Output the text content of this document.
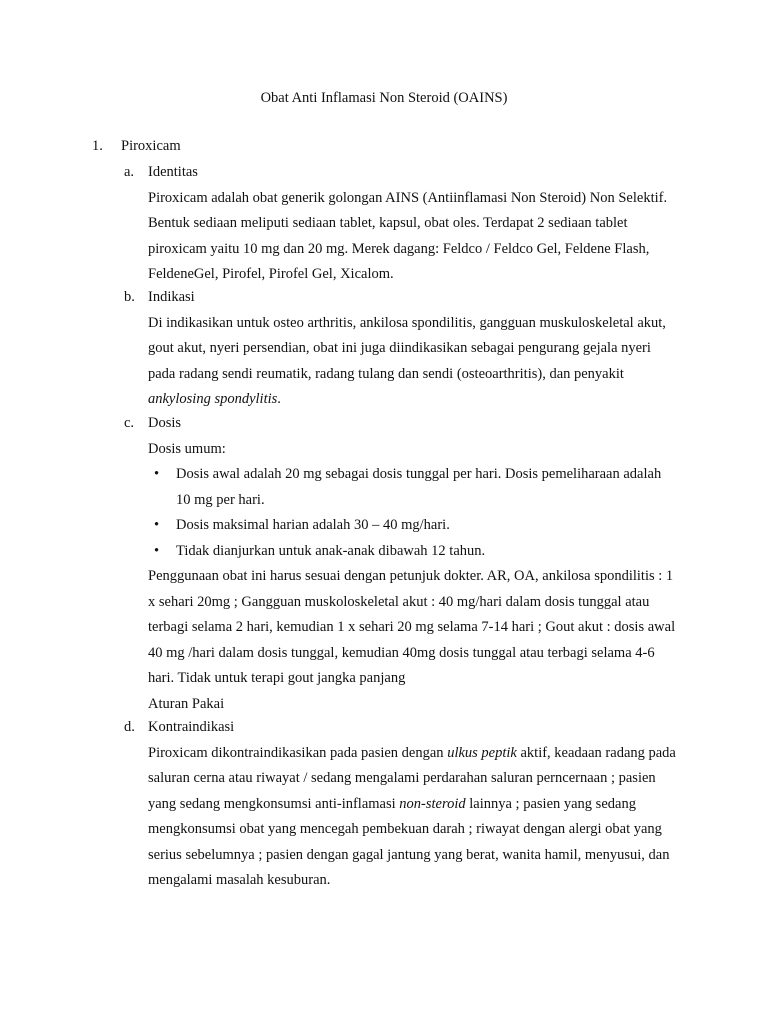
Obat Anti Inflamasi Non Steroid (OAINS)
1. Piroxicam
a. Identitas
Piroxicam adalah obat generik golongan AINS (Antiinflamasi Non Steroid) Non Selektif. Bentuk sediaan meliputi sediaan tablet, kapsul, obat oles. Terdapat 2 sediaan tablet piroxicam yaitu 10 mg dan 20 mg. Merek dagang: Feldco / Feldco Gel, Feldene Flash, FeldeneGel, Pirofel, Pirofel Gel, Xicalom.
b. Indikasi
Di indikasikan untuk osteo arthritis, ankilosa spondilitis, gangguan muskuloskeletal akut, gout akut, nyeri persendian, obat ini juga diindikasikan sebagai pengurang gejala nyeri pada radang sendi reumatik, radang tulang dan sendi (osteoarthritis), dan penyakit ankylosing spondylitis.
c. Dosis
Dosis umum:
• Dosis awal adalah 20 mg sebagai dosis tunggal per hari. Dosis pemeliharaan adalah 10 mg per hari.
• Dosis maksimal harian adalah 30 – 40 mg/hari.
• Tidak dianjurkan untuk anak-anak dibawah 12 tahun.
Penggunaan obat ini harus sesuai dengan petunjuk dokter. AR, OA, ankilosa spondilitis : 1 x sehari 20mg ; Gangguan muskoloskeletal akut : 40 mg/hari dalam dosis tunggal atau terbagi selama 2 hari, kemudian 1 x sehari 20 mg selama 7-14 hari ; Gout akut : dosis awal 40 mg /hari dalam dosis tunggal, kemudian 40mg dosis tunggal atau terbagi selama 4-6 hari. Tidak untuk terapi gout jangka panjang
Aturan Pakai
d. Kontraindikasi
Piroxicam dikontraindikasikan pada pasien dengan ulkus peptik aktif, keadaan radang pada saluran cerna atau riwayat / sedang mengalami perdarahan saluran perncernaan ; pasien yang sedang mengkonsumsi anti-inflamasi non-steroid lainnya ; pasien yang sedang mengkonsumsi obat yang mencegah pembekuan darah ; riwayat dengan alergi obat yang serius sebelumnya ; pasien dengan gagal jantung yang berat, wanita hamil, menyusui, dan mengalami masalah kesuburan.
